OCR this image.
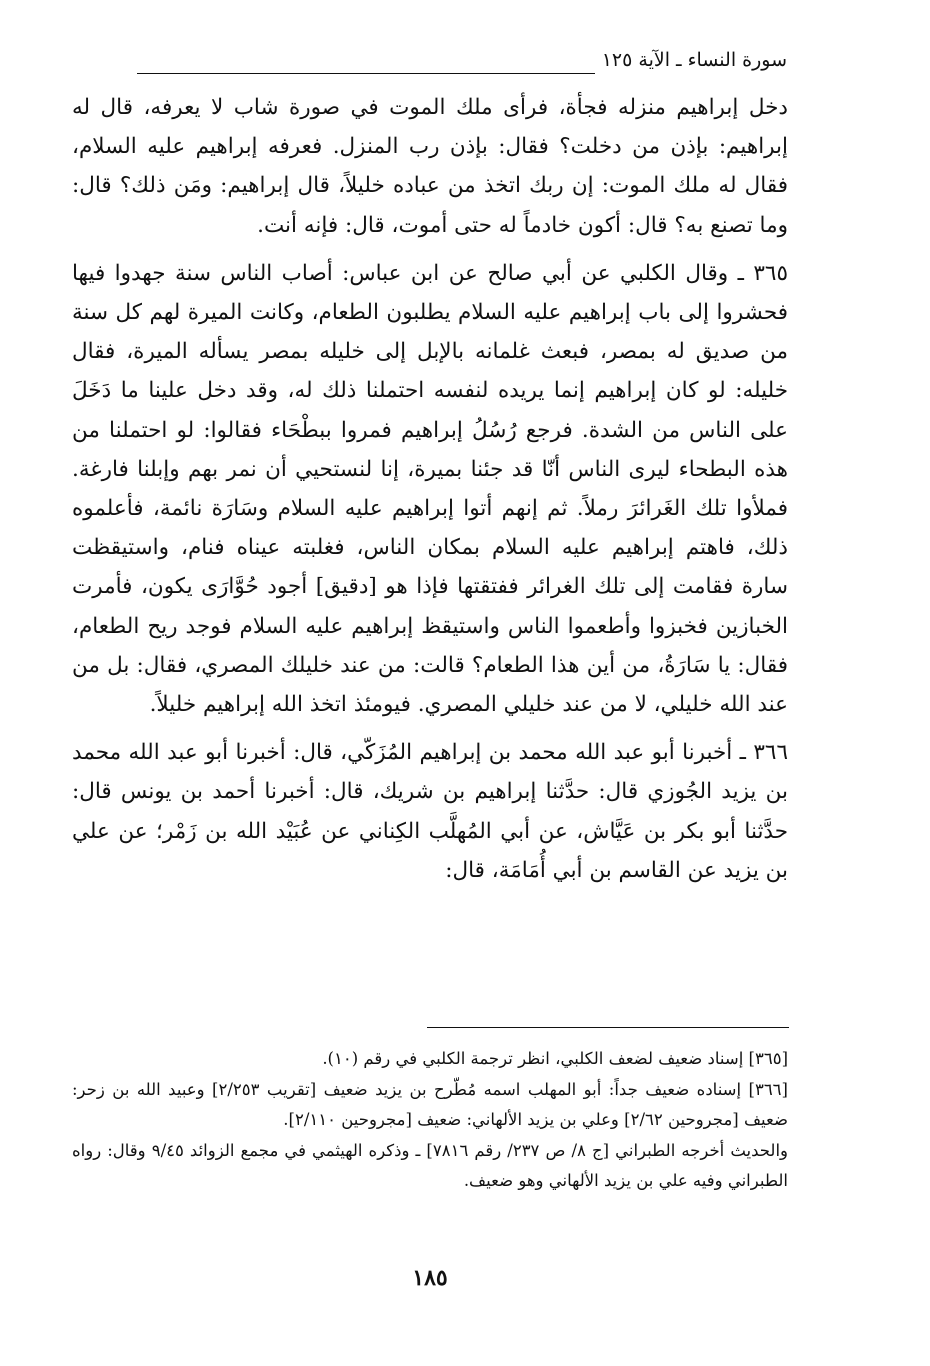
سورة النساء ـ الآية ١٢٥

دخل إبراهيم منزله فجأة، فرأى ملك الموت في صورة شاب لا يعرفه، قال له إبراهيم: بإذن من دخلت؟ فقال: بإذن رب المنزل. فعرفه إبراهيم عليه السلام، فقال له ملك الموت: إن ربك اتخذ من عباده خليلاً، قال إبراهيم: ومَن ذلك؟ قال: وما تصنع به؟ قال: أكون خادماً له حتى أموت، قال: فإنه أنت.

٣٦٥ ـ وقال الكلبي عن أبي صالح عن ابن عباس: أصاب الناس سنة جهدوا فيها فحشروا إلى باب إبراهيم عليه السلام يطلبون الطعام، وكانت الميرة لهم كل سنة من صديق له بمصر، فبعث غلمانه بالإبل إلى خليله بمصر يسأله الميرة، فقال خليله: لو كان إبراهيم إنما يريده لنفسه احتملنا ذلك له، وقد دخل علينا ما دَخَلَ على الناس من الشدة. فرجع رُسُلُ إبراهيم فمروا ببطْحَاء فقالوا: لو احتملنا من هذه البطحاء ليرى الناس أنّا قد جئنا بميرة، إنا لنستحيي أن نمر بهم وإبلنا فارغة. فملأوا تلك الغَرائرَ رملاً. ثم إنهم أتوا إبراهيم عليه السلام وسَارَة نائمة، فأعلموه ذلك، فاهتم إبراهيم عليه السلام بمكان الناس، فغلبته عيناه فنام، واستيقظت سارة فقامت إلى تلك الغرائر ففتقتها فإذا هو [دقيق] أجود حُوَّارَى يكون، فأمرت الخبازين فخبزوا وأطعموا الناس واستيقظ إبراهيم عليه السلام فوجد ريح الطعام، فقال: يا سَارَةُ، من أين هذا الطعام؟ قالت: من عند خليلك المصري، فقال: بل من عند الله خليلي، لا من عند خليلي المصري. فيومئذ اتخذ الله إبراهيم خليلاً.

٣٦٦ ـ أخبرنا أبو عبد الله محمد بن إبراهيم المُزَكّي، قال: أخبرنا أبو عبد الله محمد بن يزيد الجُوزي قال: حدَّثنا إبراهيم بن شريك، قال: أخبرنا أحمد بن يونس قال: حدَّثنا أبو بكر بن عَيَّاش، عن أبي المُهلَّب الكِناني عن عُبَيْد الله بن زَمْر؛ عن علي بن يزيد عن القاسم بن أبي أُمَامَة، قال:

[٣٦٥] إسناد ضعيف لضعف الكلبي، انظر ترجمة الكلبي في رقم (١٠).

[٣٦٦] إسناده ضعيف جداً: أبو المهلب اسمه مُطّرح بن يزيد ضعيف [تقريب ٢/٢٥٣] وعبيد الله بن زحر: ضعيف [مجروحين ٢/٦٢] وعلي بن يزيد الألهاني: ضعيف [مجروحين ٢/١١٠].

والحديث أخرجه الطبراني [ج ٨/ ص ٢٣٧/ رقم ٧٨١٦] ـ وذكره الهيثمي في مجمع الزوائد ٩/٤٥ وقال: رواه الطبراني وفيه علي بن يزيد الألهاني وهو ضعيف.

١٨٥
